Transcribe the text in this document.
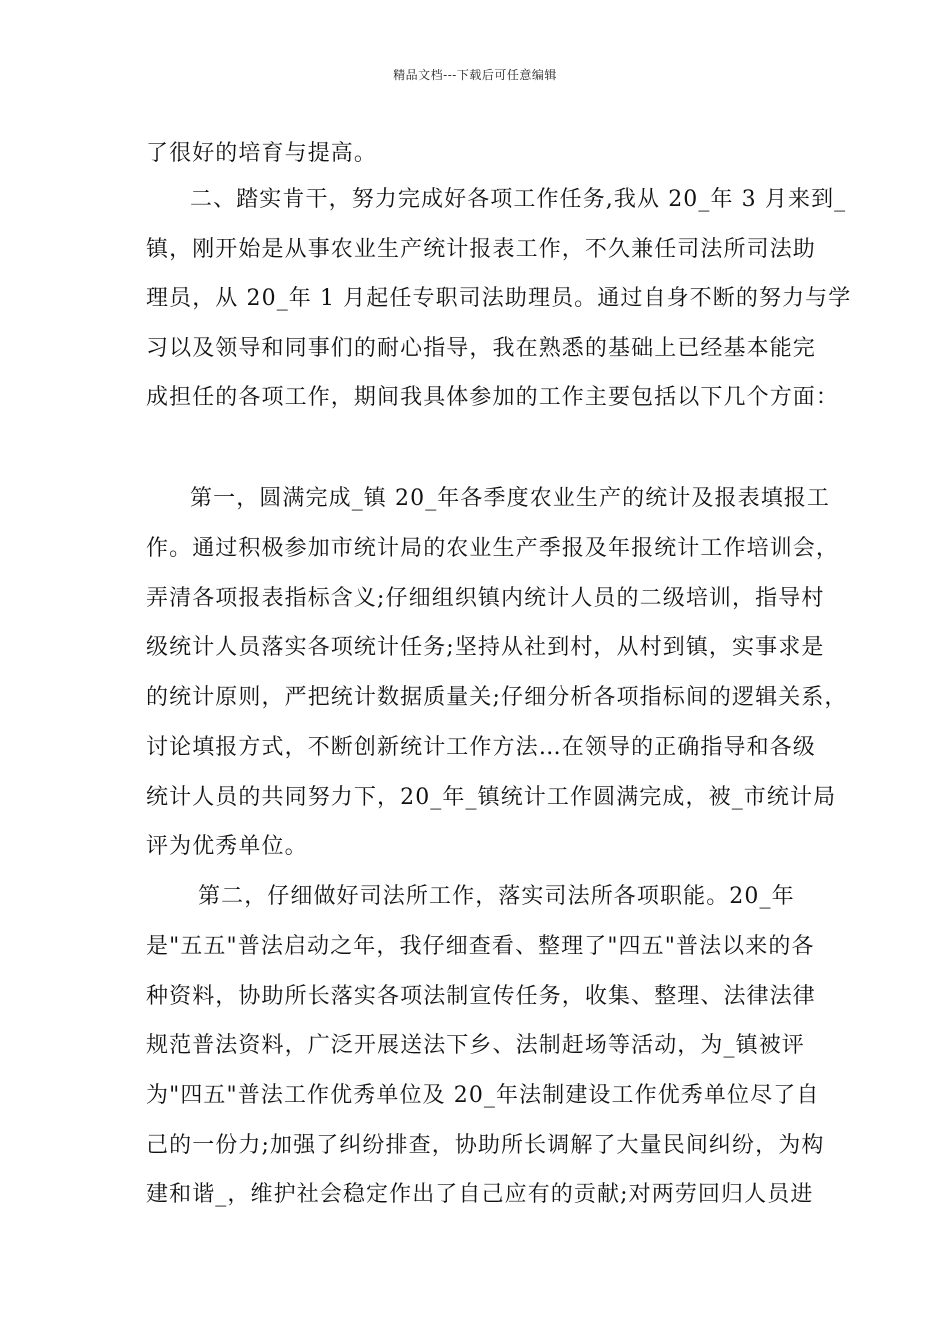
精品文档---下载后可任意编辑
了很好的培育与提高。
二、踏实肯干，努力完成好各项工作任务,我从 20_年 3 月来到_
镇，刚开始是从事农业生产统计报表工作，不久兼任司法所司法助
理员，从 20_年 1 月起任专职司法助理员。通过自身不断的努力与学
习以及领导和同事们的耐心指导，我在熟悉的基础上已经基本能完
成担任的各项工作，期间我具体参加的工作主要包括以下几个方面：
第一，圆满完成_镇 20_年各季度农业生产的统计及报表填报工
作。通过积极参加市统计局的农业生产季报及年报统计工作培训会，
弄清各项报表指标含义;仔细组织镇内统计人员的二级培训，指导村
级统计人员落实各项统计任务;坚持从社到村，从村到镇，实事求是
的统计原则，严把统计数据质量关;仔细分析各项指标间的逻辑关系，
讨论填报方式，不断创新统计工作方法…在领导的正确指导和各级
统计人员的共同努力下，20_年_镇统计工作圆满完成，被_市统计局
评为优秀单位。
第二，仔细做好司法所工作，落实司法所各项职能。20_年
是"五五"普法启动之年，我仔细查看、整理了"四五"普法以来的各
种资料，协助所长落实各项法制宣传任务，收集、整理、法律法律
规范普法资料，广泛开展送法下乡、法制赶场等活动，为_镇被评
为"四五"普法工作优秀单位及 20_年法制建设工作优秀单位尽了自
己的一份力;加强了纠纷排查，协助所长调解了大量民间纠纷，为构
建和谐_，维护社会稳定作出了自己应有的贡献;对两劳回归人员进
